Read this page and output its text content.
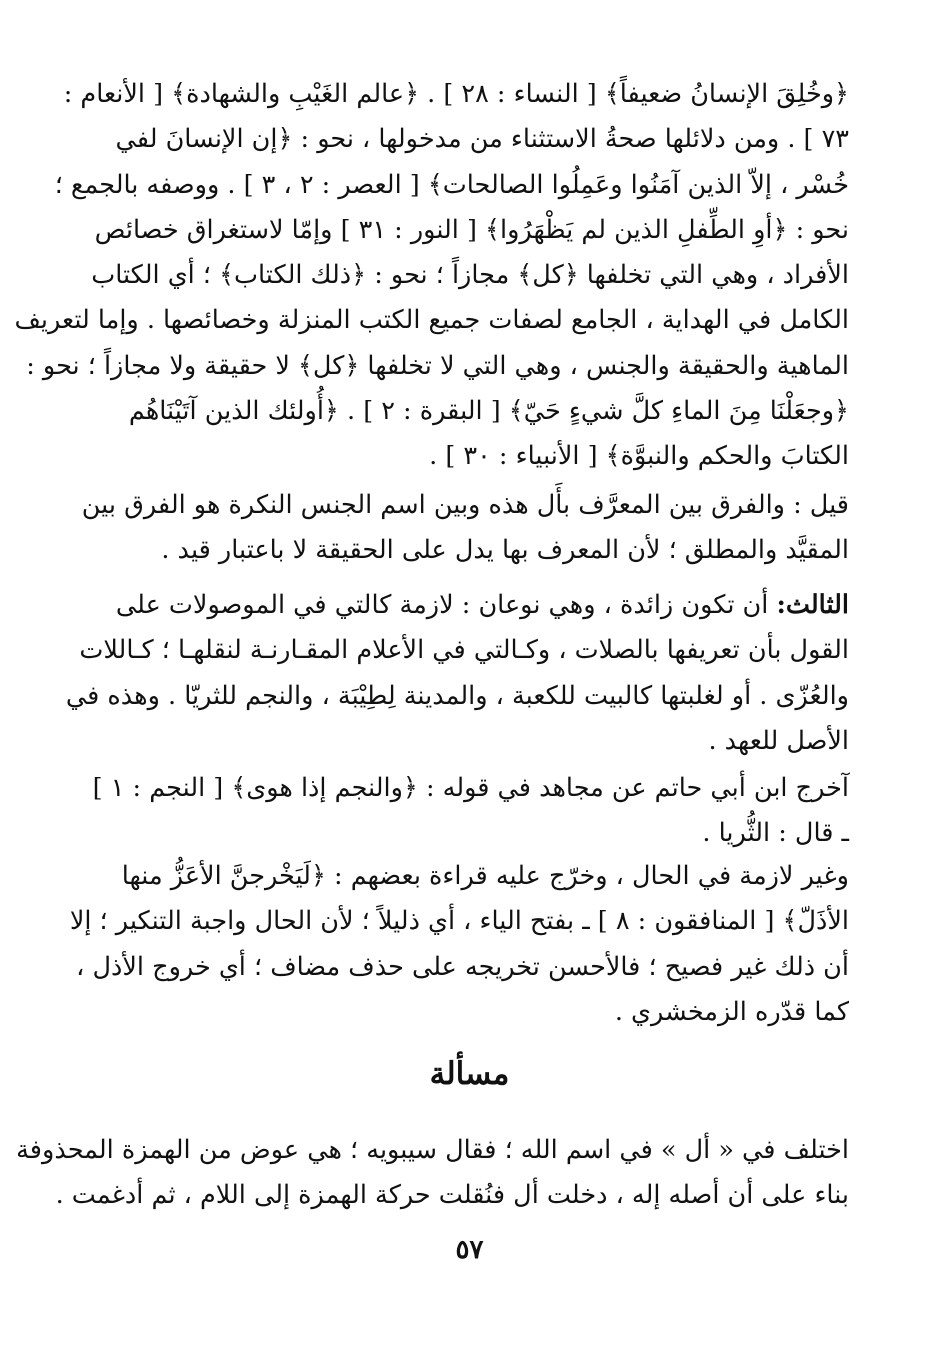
﴿وخُلِقَ الإنسانُ ضعيفاً﴾ [ النساء : ٢٨ ] . ﴿عالم الغَيْبِ والشهادة﴾ [ الأنعام :
٧٣ ] . ومن دلائلها صحةُ الاستثناء من مدخولها ، نحو : ﴿إن الإنسانَ لفي
خُسْر ، إلاّ الذين آمَنُوا وعَمِلُوا الصالحات﴾ [ العصر : ٢ ، ٣ ] . ووصفه بالجمع ؛
نحو : ﴿أوِ الطِّفلِ الذين لم يَظْهَرُوا﴾ [ النور : ٣١ ] وإمّا لاستغراق خصائص
الأفراد ، وهي التي تخلفها ﴿كل﴾ مجازاً ؛ نحو : ﴿ذلك الكتاب﴾ ؛ أي الكتاب
الكامل في الهداية ، الجامع لصفات جميع الكتب المنزلة وخصائصها . وإما لتعريف
الماهية والحقيقة والجنس ، وهي التي لا تخلفها ﴿كل﴾ لا حقيقة ولا مجازاً ؛ نحو :
﴿وجعَلْنَا مِنَ الماءِ كلَّ شيءٍ حَيّ﴾ [ البقرة : ٢ ] . ﴿أُولئك الذين آتَيْنَاهُم
الكتابَ والحكم والنبوَّة﴾ [ الأنبياء : ٣٠ ] .
قيل : والفرق بين المعرَّف بأَل هذه وبين اسم الجنس النكرة هو الفرق بين
المقيَّد والمطلق ؛ لأن المعرف بها يدل على الحقيقة لا باعتبار قيد .
الثالث: أن تكون زائدة ، وهي نوعان : لازمة كالتي في الموصولات على
القول بأن تعريفها بالصلات ، وكـالتي في الأعلام المقـارنـة لنقلهـا ؛ كـاللات
والعُزّى . أو لغلبتها كالبيت للكعبة ، والمدينة لِطِيْبَة ، والنجم للثريّا . وهذه في
الأصل للعهد .
آخرج ابن أبي حاتم عن مجاهد في قوله : ﴿والنجم إذا هوى﴾ [ النجم : ١ ]
ـ قال : الثُّريا .
وغير لازمة في الحال ، وخرّج عليه قراءة بعضهم : ﴿لَيَخْرجنَّ الأعَزُّ منها
الأذَلّ﴾ [ المنافقون : ٨ ] ـ بفتح الياء ، أي ذليلاً ؛ لأن الحال واجبة التنكير ؛ إلا
أن ذلك غير فصيح ؛ فالأحسن تخريجه على حذف مضاف ؛ أي خروج الأذل ،
كما قدّره الزمخشري .
مسألة
اختلف في « أل » في اسم الله ؛ فقال سيبويه ؛ هي عوض من الهمزة المحذوفة
بناء على أن أصله إله ، دخلت أل فنُقلت حركة الهمزة إلى اللام ، ثم أدغمت .
٥٧
